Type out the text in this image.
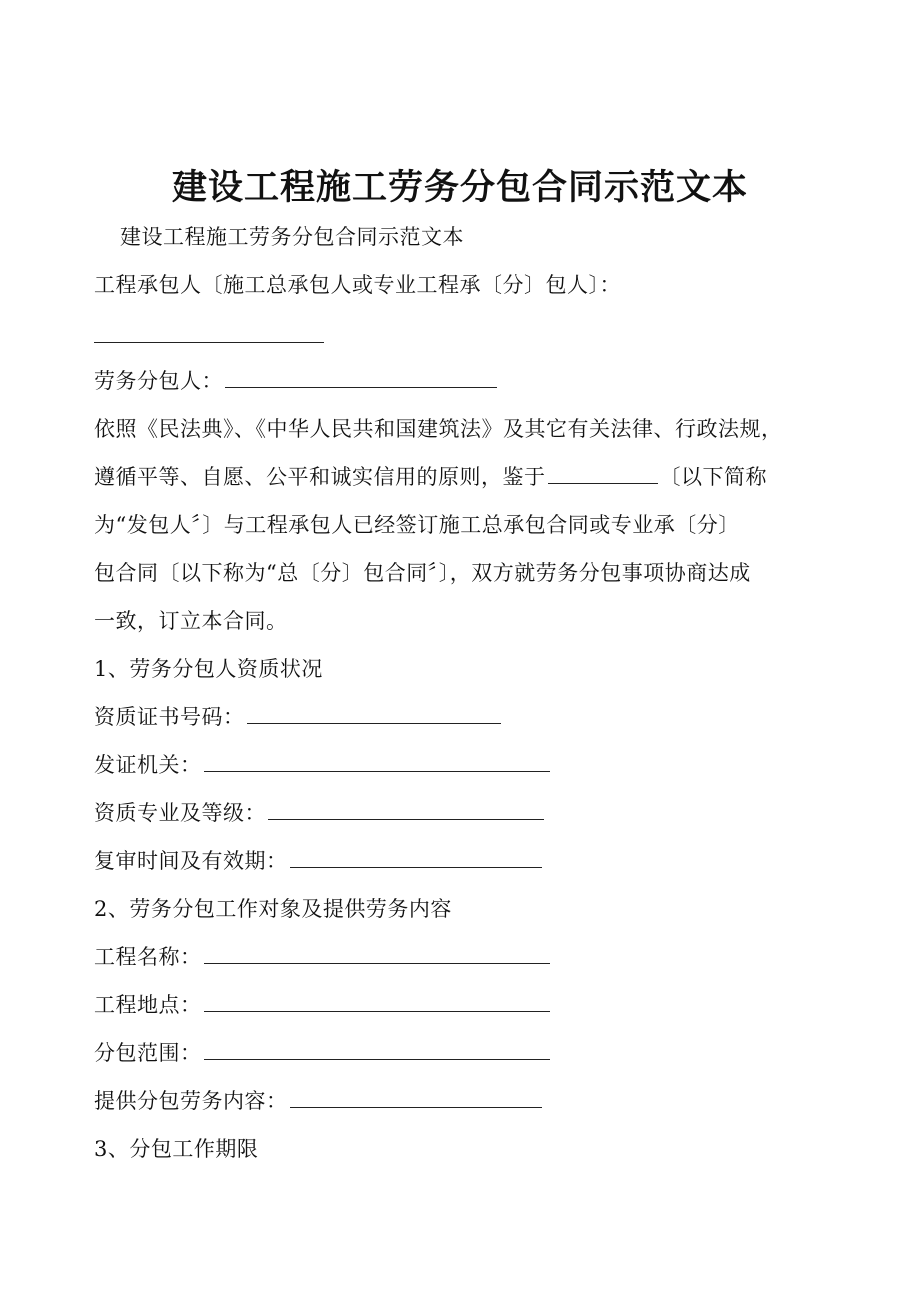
建设工程施工劳务分包合同示范文本
建设工程施工劳务分包合同示范文本
工程承包人〔施工总承包人或专业工程承〔分〕包人〕：
劳务分包人：
依照《民法典》、《中华人民共和国建筑法》及其它有关法律、行政法规，
遵循平等、自愿、公平和诚实信用的原则，鉴于	〔以下简称
为“发包人〞〕与工程承包人已经签订施工总承包合同或专业承〔分〕
包合同〔以下称为“总〔分〕包合同〞〕，双方就劳务分包事项协商达成
一致，订立本合同。
1、劳务分包人资质状况
资质证书号码：
发证机关：
资质专业及等级：
复审时间及有效期：
2、劳务分包工作对象及提供劳务内容
工程名称：
工程地点：
分包范围：
提供分包劳务内容：
3、分包工作期限
